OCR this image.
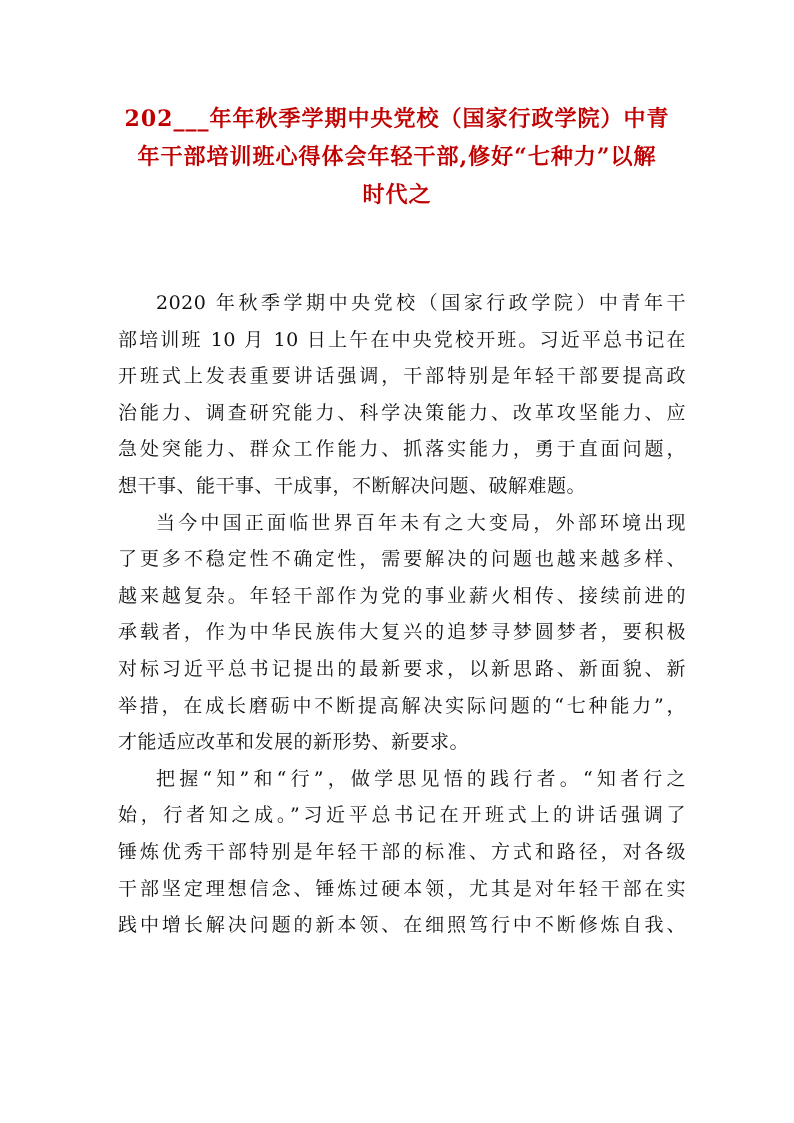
202___年年秋季学期中央党校（国家行政学院）中青
年干部培训班心得体会年轻干部,修好“七种力”以解
时代之
2020 年秋季学期中央党校（国家行政学院）中青年干
部培训班 10 月 10 日上午在中央党校开班。习近平总书记在
开班式上发表重要讲话强调，干部特别是年轻干部要提高政
治能力、调查研究能力、科学决策能力、改革攻坚能力、应
急处突能力、群众工作能力、抓落实能力，勇于直面问题，
想干事、能干事、干成事，不断解决问题、破解难题。
当今中国正面临世界百年未有之大变局，外部环境出现
了更多不稳定性不确定性，需要解决的问题也越来越多样、
越来越复杂。年轻干部作为党的事业薪火相传、接续前进的
承载者，作为中华民族伟大复兴的追梦寻梦圆梦者，要积极
对标习近平总书记提出的最新要求，以新思路、新面貌、新
举措，在成长磨砺中不断提高解决实际问题的“七种能力”，
才能适应改革和发展的新形势、新要求。
把握“知”和“行”，做学思见悟的践行者。“知者行之
始，行者知之成。”习近平总书记在开班式上的讲话强调了
锤炼优秀干部特别是年轻干部的标准、方式和路径，对各级
干部坚定理想信念、锤炼过硬本领，尤其是对年轻干部在实
践中增长解决问题的新本领、在细照笃行中不断修炼自我、
